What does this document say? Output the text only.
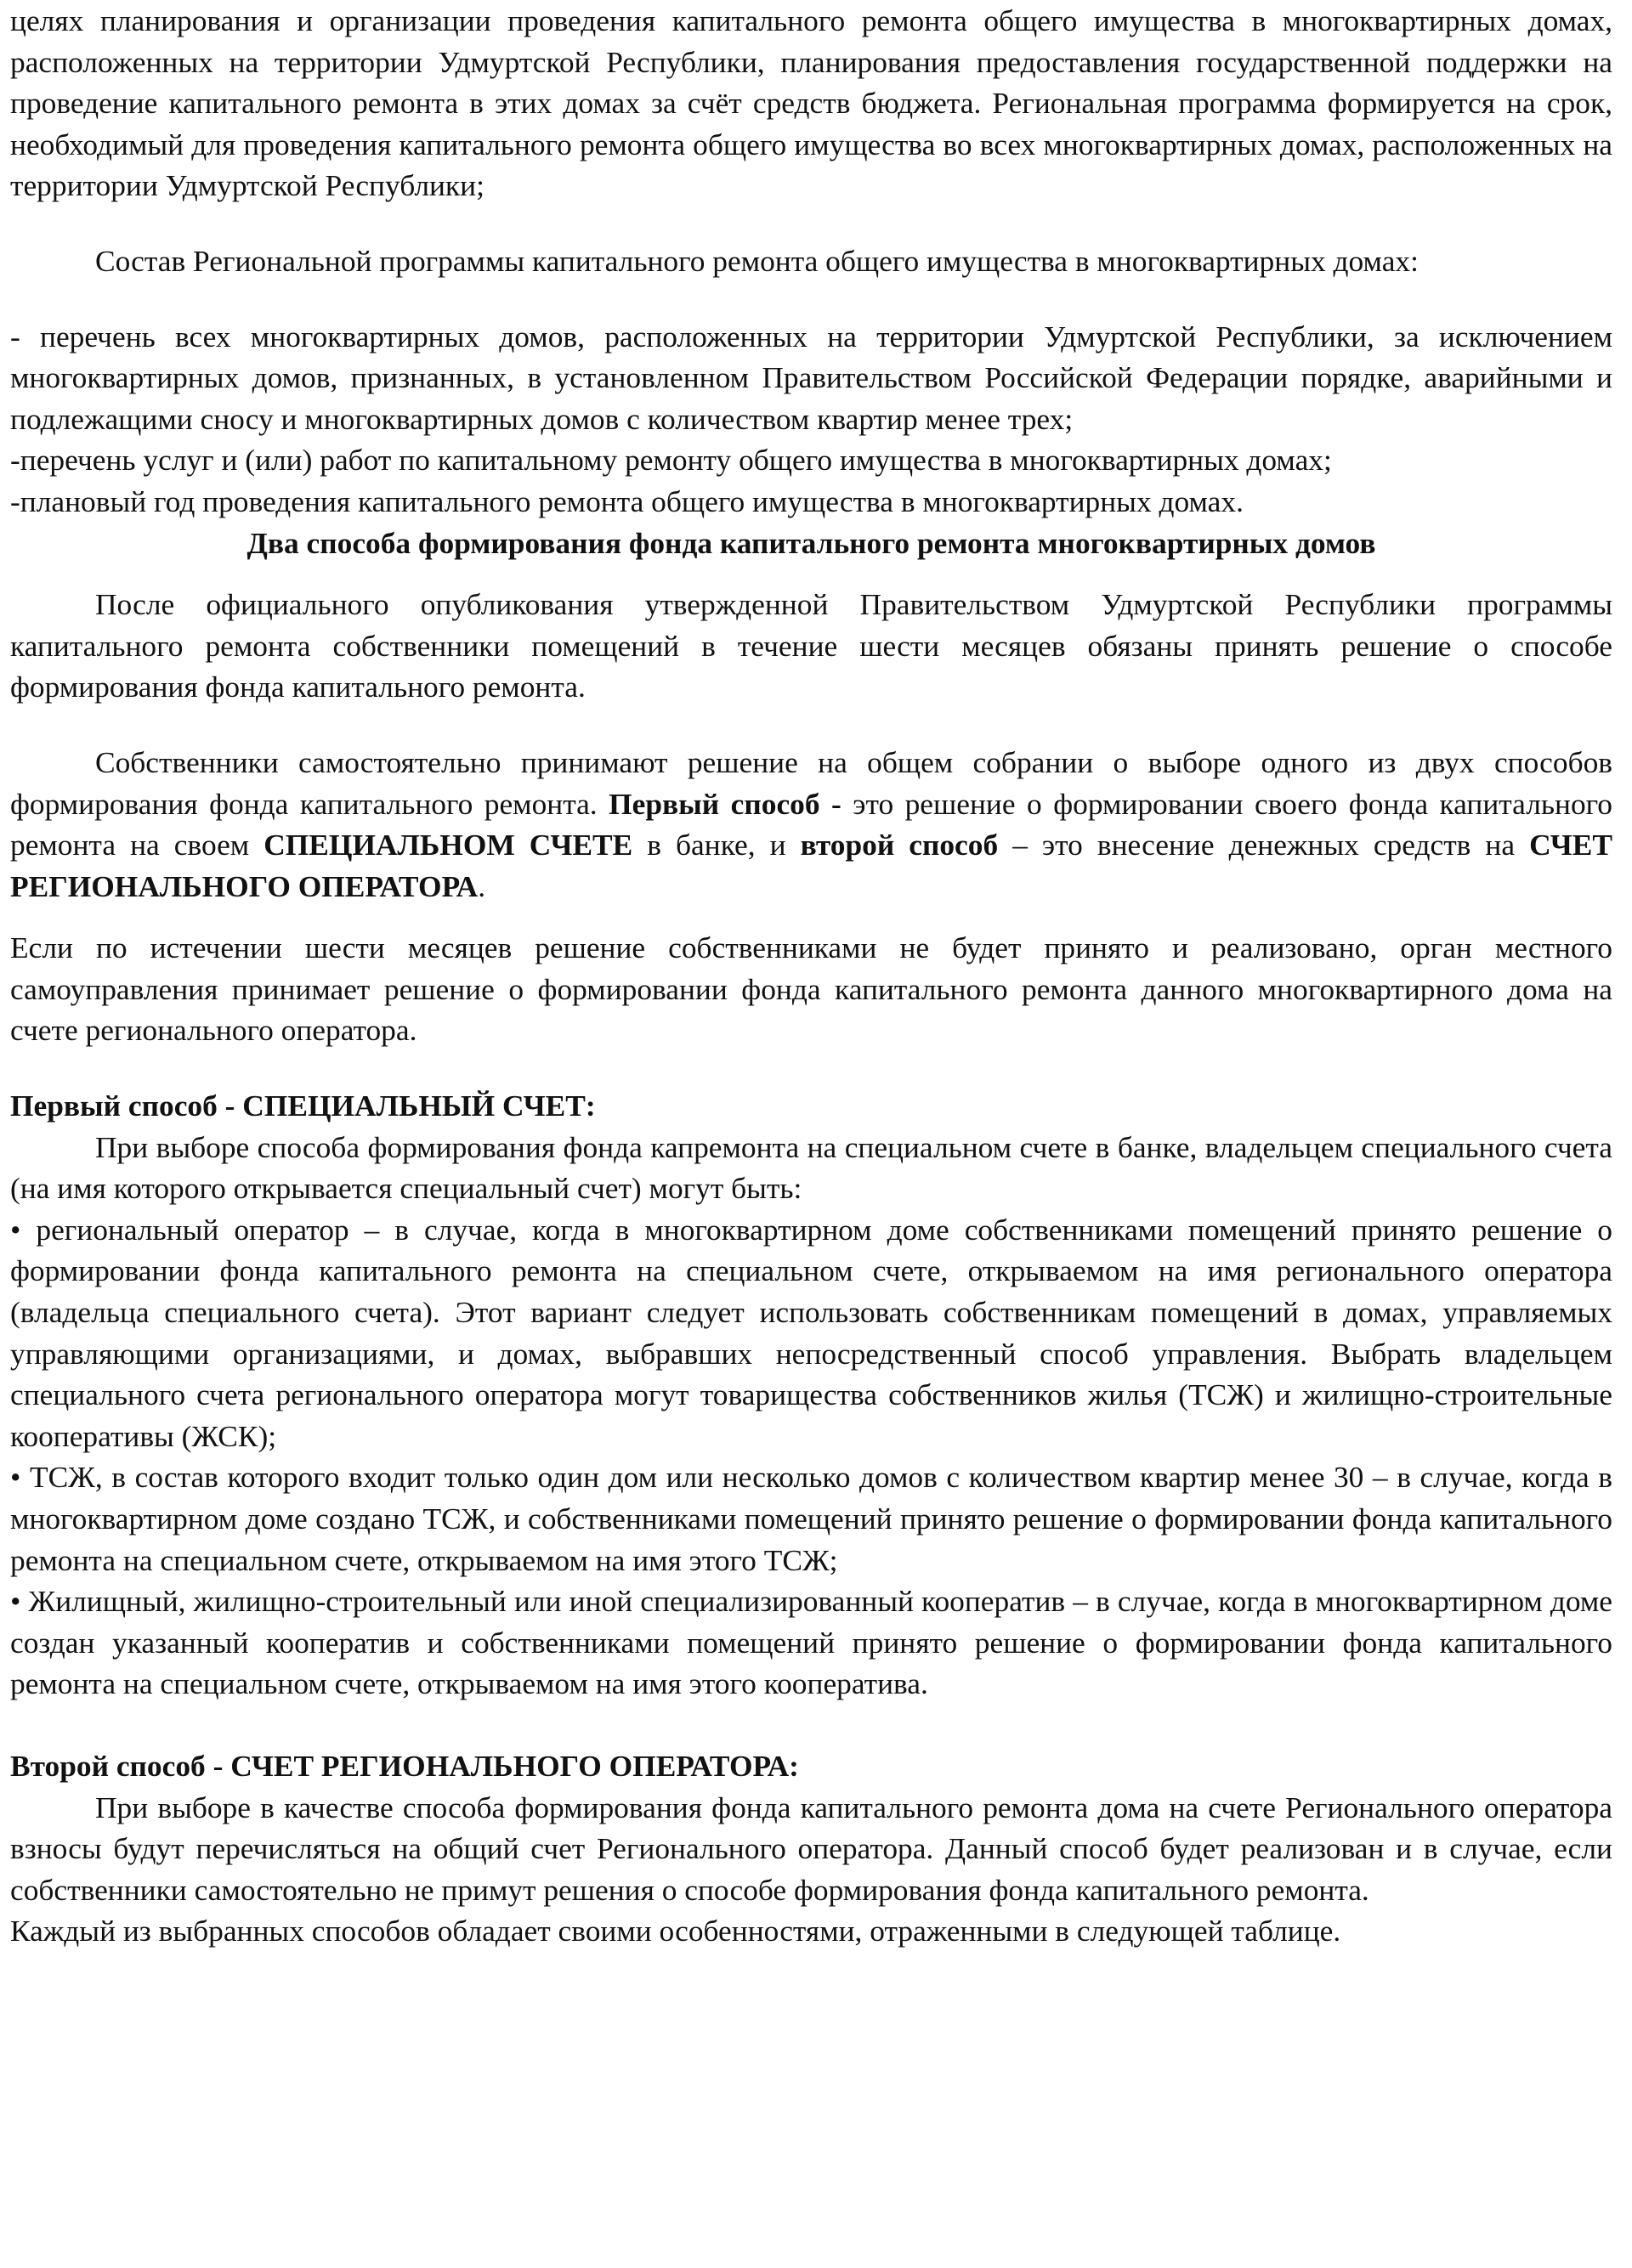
целях планирования и организации проведения капитального ремонта общего имущества в многоквартирных домах, расположенных на территории Удмуртской Республики, планирования предоставления государственной поддержки на проведение капитального ремонта в этих домах за счёт средств бюджета. Региональная программа формируется на срок, необходимый для проведения капитального ремонта общего имущества во всех многоквартирных домах, расположенных на территории Удмуртской Республики;

Состав Региональной программы капитального ремонта общего имущества в многоквартирных домах:

- перечень всех многоквартирных домов, расположенных на территории Удмуртской Республики, за исключением многоквартирных домов, признанных, в установленном Правительством Российской Федерации порядке, аварийными и подлежащими сносу и многоквартирных домов с количеством квартир менее трех;

-перечень услуг и (или) работ по капитальному ремонту общего имущества в многоквартирных домах;

-плановый год проведения капитального ремонта общего имущества в многоквартирных домах.

Два способа формирования фонда капитального ремонта многоквартирных домов

После официального опубликования утвержденной Правительством Удмуртской Республики программы капитального ремонта собственники помещений в течение шести месяцев обязаны принять решение о способе формирования фонда капитального ремонта.

Собственники самостоятельно принимают решение на общем собрании о выборе одного из двух способов формирования фонда капитального ремонта. Первый способ - это решение о формировании своего фонда капитального ремонта на своем СПЕЦИАЛЬНОМ СЧЕТЕ в банке, и второй способ – это внесение денежных средств на СЧЕТ РЕГИОНАЛЬНОГО ОПЕРАТОРА.

Если по истечении шести месяцев решение собственниками не будет принято и реализовано, орган местного самоуправления принимает решение о формировании фонда капитального ремонта данного многоквартирного дома на счете регионального оператора.

Первый способ - СПЕЦИАЛЬНЫЙ СЧЕТ:

При выборе способа формирования фонда капремонта на специальном счете в банке, владельцем специального счета (на имя которого открывается специальный счет) могут быть:

• региональный оператор – в случае, когда в многоквартирном доме собственниками помещений принято решение о формировании фонда капитального ремонта на специальном счете, открываемом на имя регионального оператора (владельца специального счета). Этот вариант следует использовать собственникам помещений в домах, управляемых управляющими организациями, и домах, выбравших непосредственный способ управления. Выбрать владельцем специального счета регионального оператора могут товарищества собственников жилья (ТСЖ) и жилищно-строительные кооперативы (ЖСК);

• ТСЖ, в состав которого входит только один дом или несколько домов с количеством квартир менее 30 – в случае, когда в многоквартирном доме создано ТСЖ, и собственниками помещений принято решение о формировании фонда капитального ремонта на специальном счете, открываемом на имя этого ТСЖ;

• Жилищный, жилищно-строительный или иной специализированный кооператив – в случае, когда в многоквартирном доме создан указанный кооператив и собственниками помещений принято решение о формировании фонда капитального ремонта на специальном счете, открываемом на имя этого кооператива.

Второй способ - СЧЕТ РЕГИОНАЛЬНОГО ОПЕРАТОРА:

При выборе в качестве способа формирования фонда капитального ремонта дома на счете Регионального оператора взносы будут перечисляться на общий счет Регионального оператора. Данный способ будет реализован и в случае, если собственники самостоятельно не примут решения о способе формирования фонда капитального ремонта.

Каждый из выбранных способов обладает своими особенностями, отраженными в следующей таблице.
